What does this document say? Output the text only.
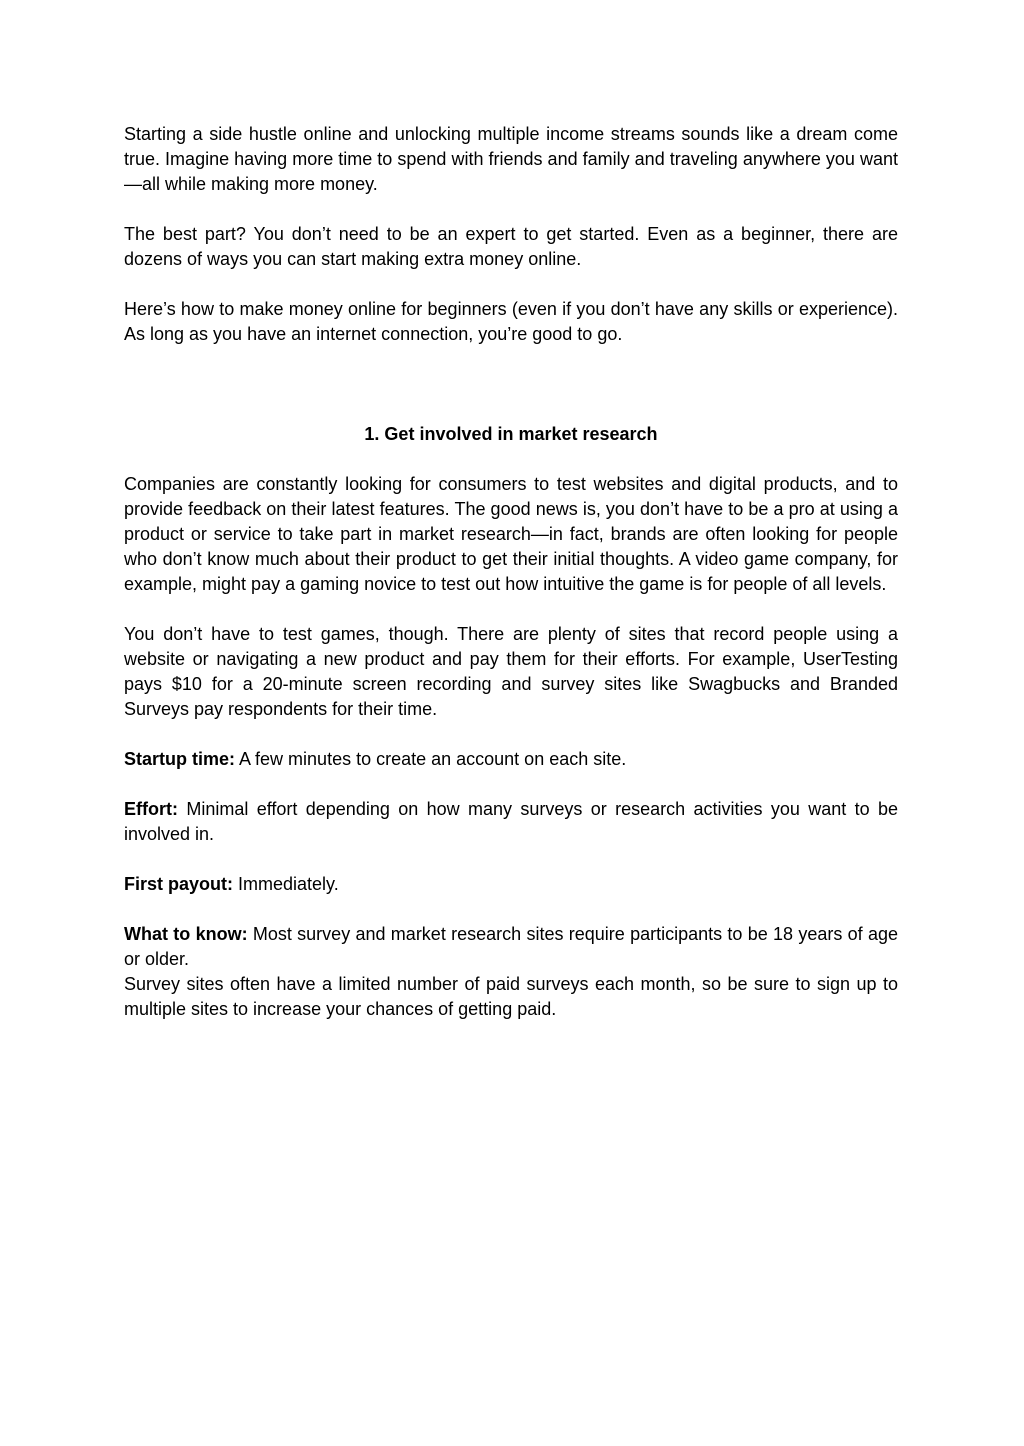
Starting a side hustle online and unlocking multiple income streams sounds like a dream come true. Imagine having more time to spend with friends and family and traveling anywhere you want—all while making more money.

The best part? You don’t need to be an expert to get started. Even as a beginner, there are dozens of ways you can start making extra money online.

Here’s how to make money online for beginners (even if you don’t have any skills or experience). As long as you have an internet connection, you’re good to go.

1. Get involved in market research

Companies are constantly looking for consumers to test websites and digital products, and to provide feedback on their latest features. The good news is, you don’t have to be a pro at using a product or service to take part in market research—in fact, brands are often looking for people who don’t know much about their product to get their initial thoughts. A video game company, for example, might pay a gaming novice to test out how intuitive the game is for people of all levels.

You don’t have to test games, though. There are plenty of sites that record people using a website or navigating a new product and pay them for their efforts. For example, UserTesting pays $10 for a 20-minute screen recording and survey sites like Swagbucks and Branded Surveys pay respondents for their time.

Startup time: A few minutes to create an account on each site.

Effort: Minimal effort depending on how many surveys or research activities you want to be involved in.

First payout: Immediately.

What to know: Most survey and market research sites require participants to be 18 years of age or older.

Survey sites often have a limited number of paid surveys each month, so be sure to sign up to multiple sites to increase your chances of getting paid.
